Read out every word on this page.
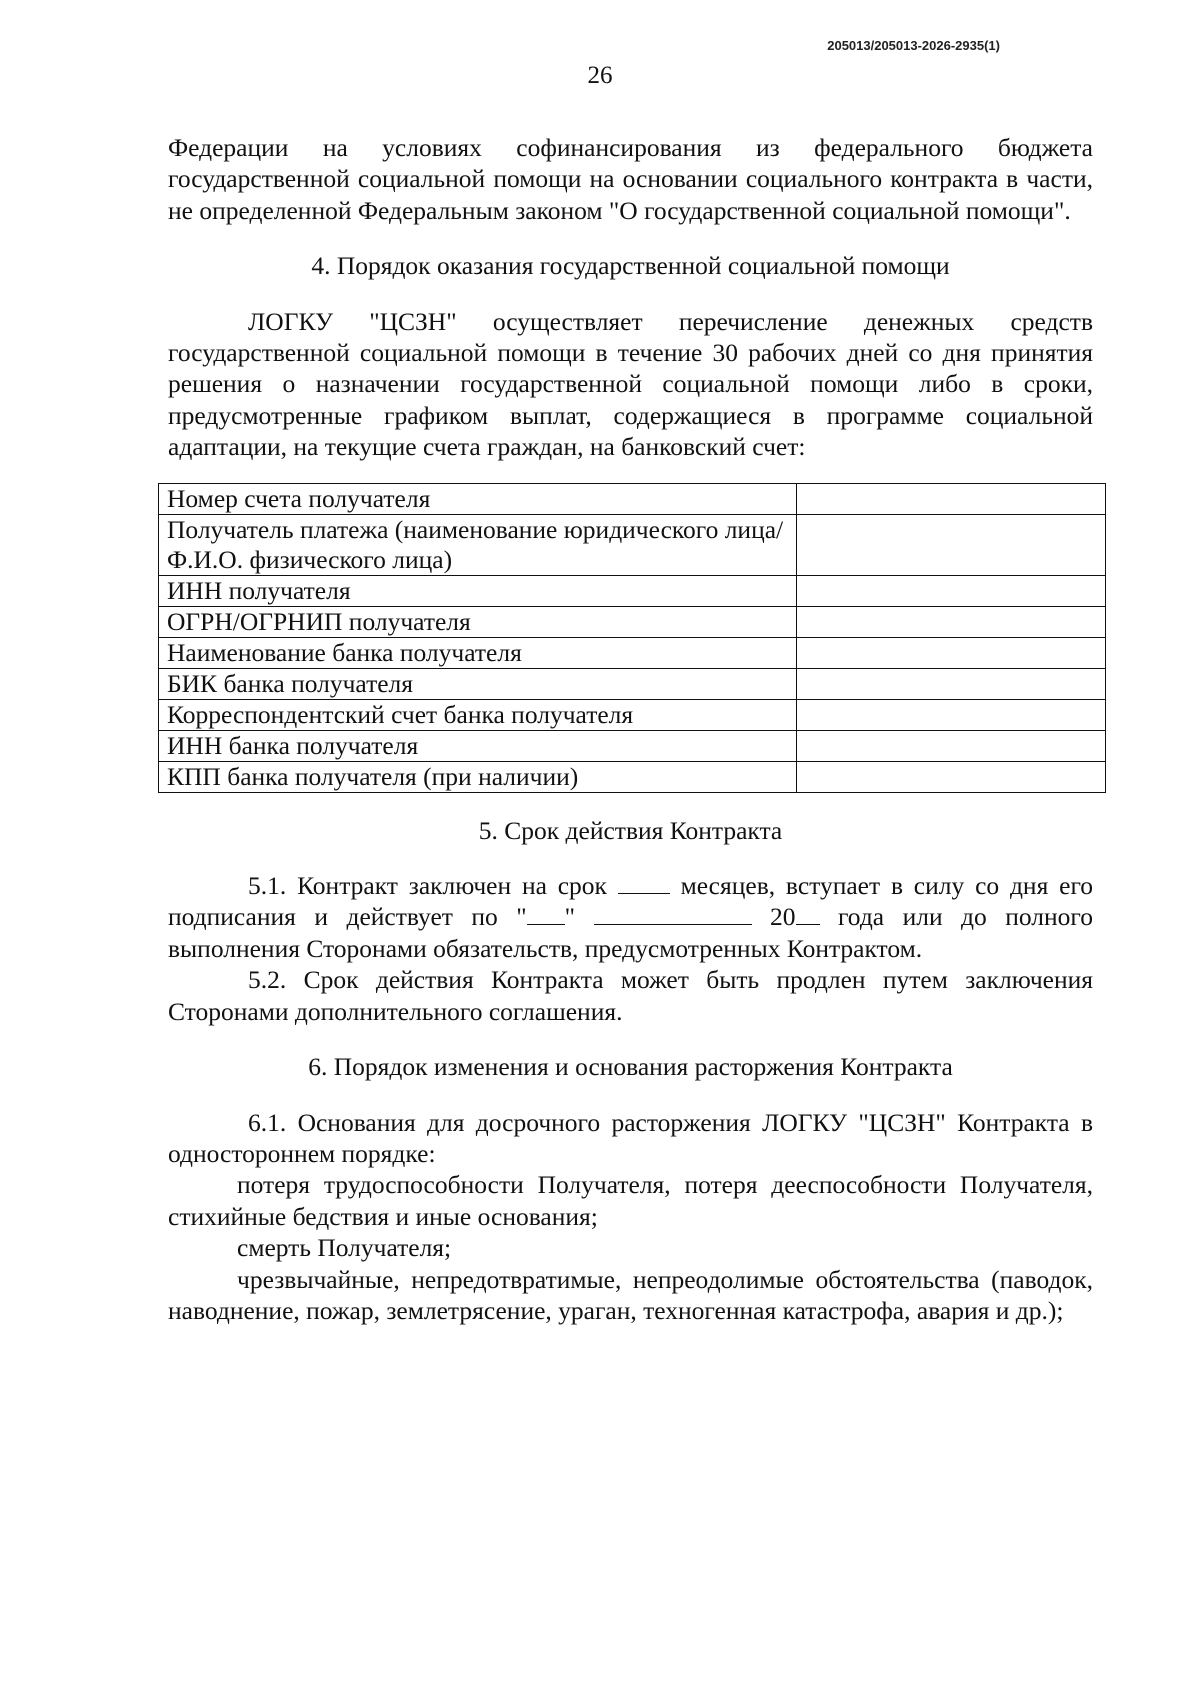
205013/205013-2026-2935(1)
26

Федерации на условиях софинансирования из федерального бюджета государственной социальной помощи на основании социального контракта в части, не определенной Федеральным законом "О государственной социальной помощи".

4. Порядок оказания государственной социальной помощи

ЛОГКУ "ЦСЗН" осуществляет перечисление денежных средств государственной социальной помощи в течение 30 рабочих дней со дня принятия решения о назначении государственной социальной помощи либо в сроки, предусмотренные графиком выплат, содержащиеся в программе социальной адаптации, на текущие счета граждан, на банковский счет:

Номер счета получателя	
Получатель платежа (наименование юридического лица/Ф.И.О. физического лица)	
ИНН получателя	
ОГРН/ОГРНИП получателя	
Наименование банка получателя	
БИК банка получателя	
Корреспондентский счет банка получателя	
ИНН банка получателя	
КПП банка получателя (при наличии)	

5. Срок действия Контракта

5.1. Контракт заключен на срок	месяцев, вступает в силу со дня его подписания и действует по " "	20 года или до полного выполнения Сторонами обязательств, предусмотренных Контрактом.

5.2. Срок действия Контракта может быть продлен путем заключения Сторонами дополнительного соглашения.

6. Порядок изменения и основания расторжения Контракта

6.1. Основания для досрочного расторжения ЛОГКУ "ЦСЗН" Контракта в одностороннем порядке:

потеря трудоспособности Получателя, потеря дееспособности Получателя, стихийные бедствия и иные основания;

смерть Получателя;

чрезвычайные, непредотвратимые, непреодолимые обстоятельства (паводок, наводнение, пожар, землетрясение, ураган, техногенная катастрофа, авария и др.);
